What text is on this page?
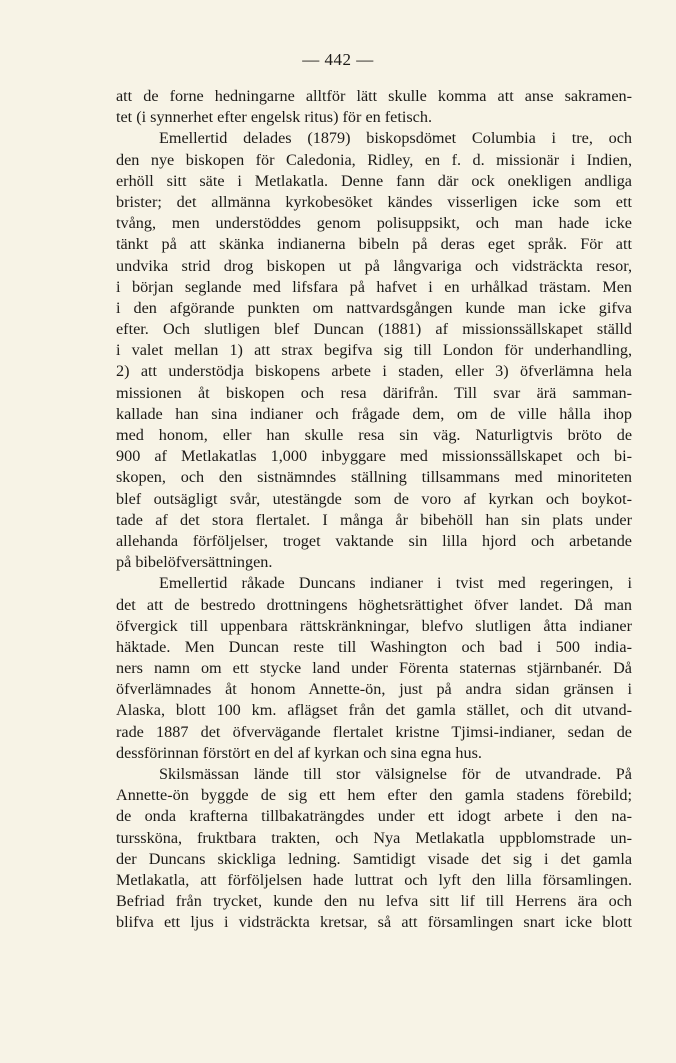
— 442 —
att de forne hedningarne alltför lätt skulle komma att anse sakramen-
tet (i synnerhet efter engelsk ritus) för en fetisch.
Emellertid delades (1879) biskopsdömet Columbia i tre, och
den nye biskopen för Caledonia, Ridley, en f. d. missionär i Indien,
erhöll sitt säte i Metlakatla. Denne fann där ock onekligen andliga
brister; det allmänna kyrkobesöket kändes visserligen icke som ett
tvång, men understöddes genom polisuppsikt, och man hade icke
tänkt på att skänka indianerna bibeln på deras eget språk. För att
undvika strid drog biskopen ut på långvariga och vidsträckta resor,
i början seglande med lifsfara på hafvet i en urhålkad trästam. Men
i den afgörande punkten om nattvardsgången kunde man icke gifva
efter. Och slutligen blef Duncan (1881) af missionssällskapet ställd
i valet mellan 1) att strax begifva sig till London för underhandling,
2) att understödja biskopens arbete i staden, eller 3) öfverlämna hela
missionen åt biskopen och resa därifrån. Till svar ärä samman-
kallade han sina indianer och frågade dem, om de ville hålla ihop
med honom, eller han skulle resa sin väg. Naturligtvis bröto de
900 af Metlakatlas 1,000 inbyggare med missionssällskapet och bi-
skopen, och den sistnämndes ställning tillsammans med minoriteten
blef outsägligt svår, utestängde som de voro af kyrkan och boykot-
tade af det stora flertalet. I många år bibehöll han sin plats under
allehanda förföljelser, troget vaktande sin lilla hjord och arbetande
på bibelöfversättningen.
Emellertid råkade Duncans indianer i tvist med regeringen, i
det att de bestredo drottningens höghetsrättighet öfver landet. Då man
öfvergick till uppenbara rättskränkningar, blefvo slutligen åtta indianer
häktade. Men Duncan reste till Washington och bad i 500 india-
ners namn om ett stycke land under Förenta staternas stjärnbanér. Då
öfverlämnades åt honom Annette-ön, just på andra sidan gränsen i
Alaska, blott 100 km. aflägset från det gamla stället, och dit utvand-
rade 1887 det öfvervägande flertalet kristne Tjimsi-indianer, sedan de
dessförinnan förstört en del af kyrkan och sina egna hus.
Skilsmässan lände till stor välsignelse för de utvandrade. På
Annette-ön byggde de sig ett hem efter den gamla stadens förebild;
de onda krafterna tillbakaträngdes under ett idogt arbete i den na-
turssköna, fruktbara trakten, och Nya Metlakatla uppblomstrade un-
der Duncans skickliga ledning. Samtidigt visade det sig i det gamla
Metlakatla, att förföljelsen hade luttrat och lyft den lilla församlingen.
Befriad från trycket, kunde den nu lefva sitt lif till Herrens ära och
blifva ett ljus i vidsträckta kretsar, så att församlingen snart icke blott
